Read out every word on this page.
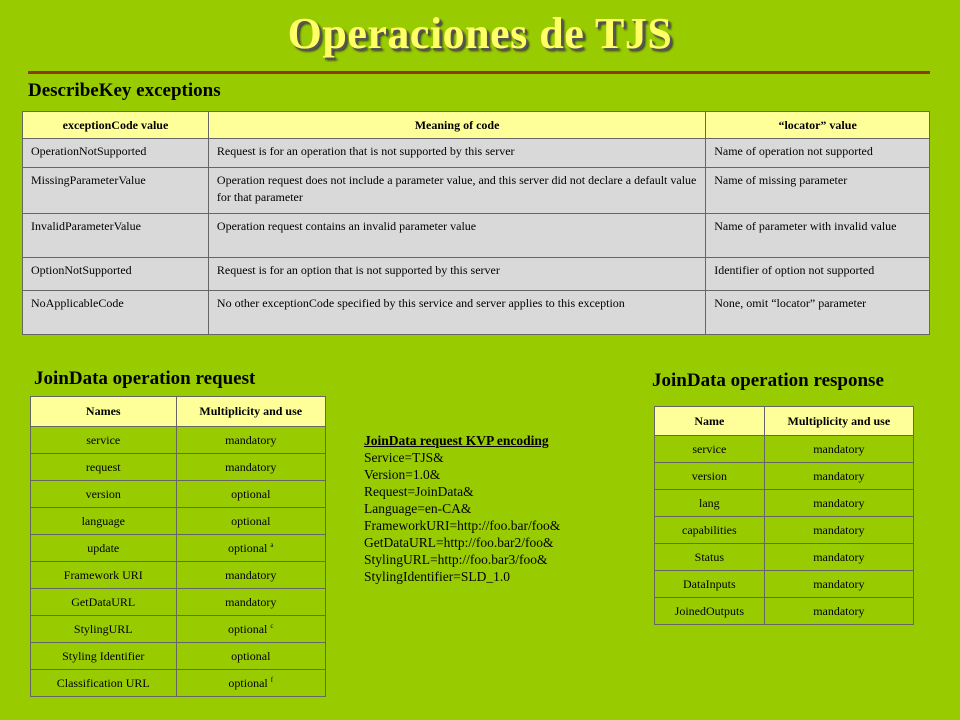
Operaciones de TJS
DescribeKey exceptions
exceptionCode value	Meaning of code	“locator” value
OperationNotSupported	Request is for an operation that is not supported by this server	Name of operation not supported
MissingParameterValue	Operation request does not include a parameter value, and this server did not declare a default value for that parameter	Name of missing parameter
InvalidParameterValue	Operation request contains an invalid parameter value	Name of parameter with invalid value
OptionNotSupported	Request is for an option that is not supported by this server	Identifier of option not supported
NoApplicableCode	No other exceptionCode specified by this service and server applies to this exception	None, omit “locator” parameter
JoinData operation request
Names	Multiplicity and use
service	mandatory
request	mandatory
version	optional
language	optional
update	optional $^a$
Framework URI	mandatory
GetDataURL	mandatory
StylingURL	optional $^c$
Styling Identifier	optional
Classification URL	optional $^f$
JoinData request KVP encoding
Service=TJS&
Version=1.0&
Request=JoinData&
Language=en-CA&
FrameworkURI=http://foo.bar/foo&
GetDataURL=http://foo.bar2/foo&
StylingURL=http://foo.bar3/foo&
StylingIdentifier=SLD_1.0
JoinData operation response
Name	Multiplicity and use
service	mandatory
version	mandatory
lang	mandatory
capabilities	mandatory
Status	mandatory
DataInputs	mandatory
JoinedOutputs	mandatory
